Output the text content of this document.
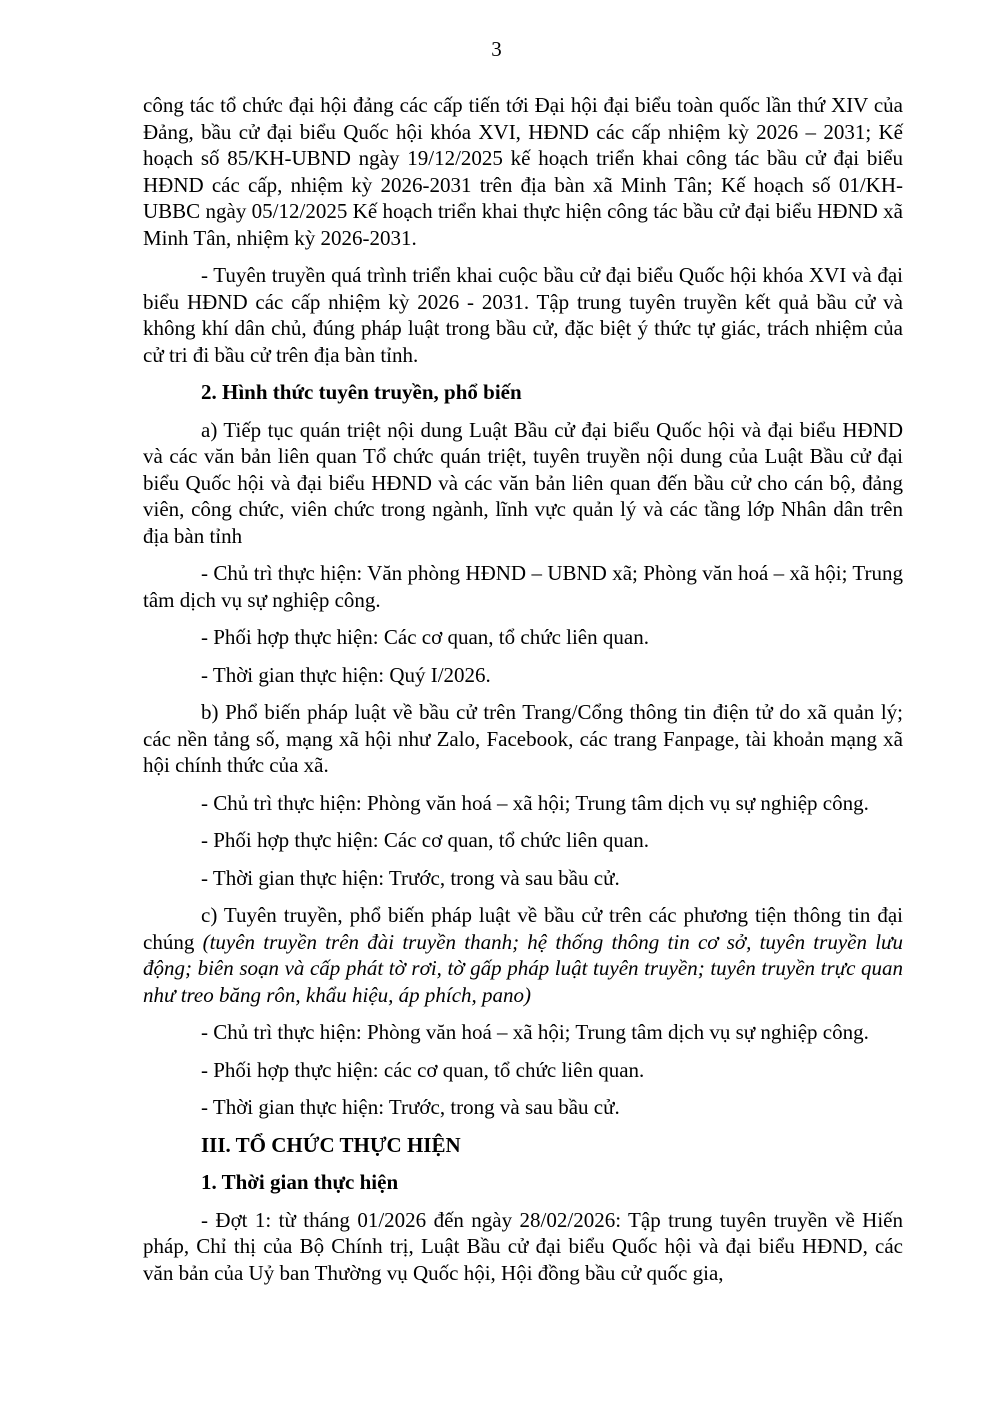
3

công tác tổ chức đại hội đảng các cấp tiến tới Đại hội đại biểu toàn quốc lần thứ XIV của Đảng, bầu cử đại biểu Quốc hội khóa XVI, HĐND các cấp nhiệm kỳ 2026 – 2031; Kế hoạch số 85/KH-UBND ngày 19/12/2025 kế hoạch triển khai công tác bầu cử đại biểu HĐND các cấp, nhiệm kỳ 2026-2031 trên địa bàn xã Minh Tân; Kế hoạch số 01/KH-UBBC ngày 05/12/2025 Kế hoạch triển khai thực hiện công tác bầu cử đại biểu HĐND xã Minh Tân, nhiệm kỳ 2026-2031.

- Tuyên truyền quá trình triển khai cuộc bầu cử đại biểu Quốc hội khóa XVI và đại biểu HĐND các cấp nhiệm kỳ 2026 - 2031. Tập trung tuyên truyền kết quả bầu cử và không khí dân chủ, đúng pháp luật trong bầu cử, đặc biệt ý thức tự giác, trách nhiệm của cử tri đi bầu cử trên địa bàn tỉnh.

2. Hình thức tuyên truyền, phổ biến

a) Tiếp tục quán triệt nội dung Luật Bầu cử đại biểu Quốc hội và đại biểu HĐND và các văn bản liên quan Tổ chức quán triệt, tuyên truyền nội dung của Luật Bầu cử đại biểu Quốc hội và đại biểu HĐND và các văn bản liên quan đến bầu cử cho cán bộ, đảng viên, công chức, viên chức trong ngành, lĩnh vực quản lý và các tầng lớp Nhân dân trên địa bàn tỉnh

- Chủ trì thực hiện: Văn phòng HĐND – UBND xã; Phòng văn hoá – xã hội; Trung tâm dịch vụ sự nghiệp công.

- Phối hợp thực hiện: Các cơ quan, tổ chức liên quan.

- Thời gian thực hiện: Quý I/2026.

b) Phổ biến pháp luật về bầu cử trên Trang/Cổng thông tin điện tử do xã quản lý; các nền tảng số, mạng xã hội như Zalo, Facebook, các trang Fanpage, tài khoản mạng xã hội chính thức của xã.

- Chủ trì thực hiện: Phòng văn hoá – xã hội; Trung tâm dịch vụ sự nghiệp công.

- Phối hợp thực hiện: Các cơ quan, tổ chức liên quan.

- Thời gian thực hiện: Trước, trong và sau bầu cử.

c) Tuyên truyền, phổ biến pháp luật về bầu cử trên các phương tiện thông tin đại chúng (tuyên truyền trên đài truyền thanh; hệ thống thông tin cơ sở, tuyên truyền lưu động; biên soạn và cấp phát tờ rơi, tờ gấp pháp luật tuyên truyền; tuyên truyền trực quan như treo băng rôn, khẩu hiệu, áp phích, pano)

- Chủ trì thực hiện: Phòng văn hoá – xã hội; Trung tâm dịch vụ sự nghiệp công.

- Phối hợp thực hiện: các cơ quan, tổ chức liên quan.

- Thời gian thực hiện: Trước, trong và sau bầu cử.

III. TỔ CHỨC THỰC HIỆN

1. Thời gian thực hiện

- Đợt 1: từ tháng 01/2026 đến ngày 28/02/2026: Tập trung tuyên truyền về Hiến pháp, Chỉ thị của Bộ Chính trị, Luật Bầu cử đại biểu Quốc hội và đại biểu HĐND, các văn bản của Uỷ ban Thường vụ Quốc hội, Hội đồng bầu cử quốc gia,
